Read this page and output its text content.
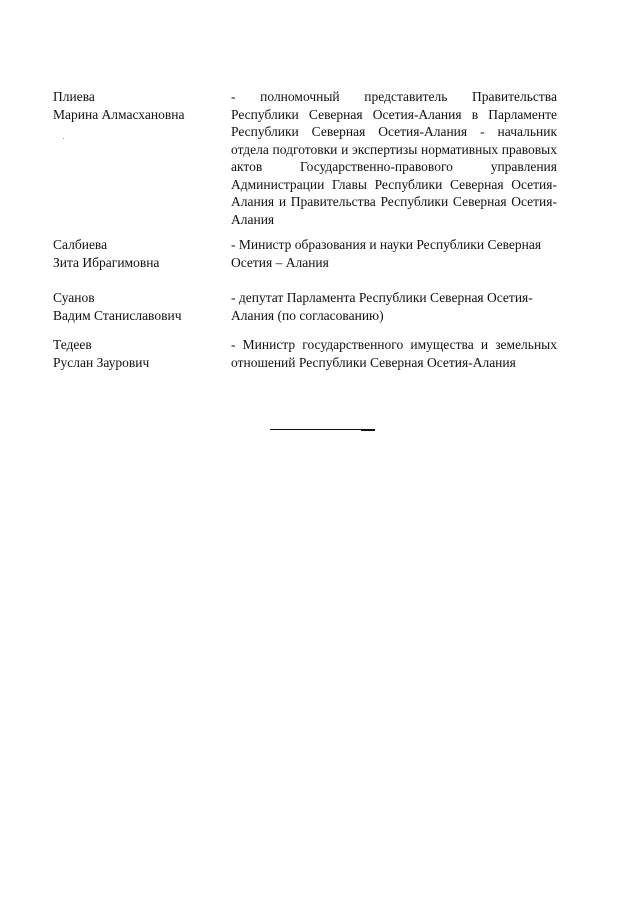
Плиева
Марина Алмасхановна
- полномочный представитель Правительства Республики Северная Осетия-Алания в Парламенте Республики Северная Осетия-Алания - начальник отдела подготовки и экспертизы нормативных правовых актов Государственно-правового управления Администрации Главы Республики Северная Осетия-Алания и Правительства Республики Северная Осетия-Алания
Салбиева
Зита Ибрагимовна
- Министр образования и науки Республики Северная Осетия – Алания
Суанов
Вадим Станиславович
- депутат Парламента Республики Северная Осетия-Алания (по согласованию)
Тедеев
Руслан Заурович
- Министр государственного имущества и земельных отношений Республики Северная Осетия-Алания
